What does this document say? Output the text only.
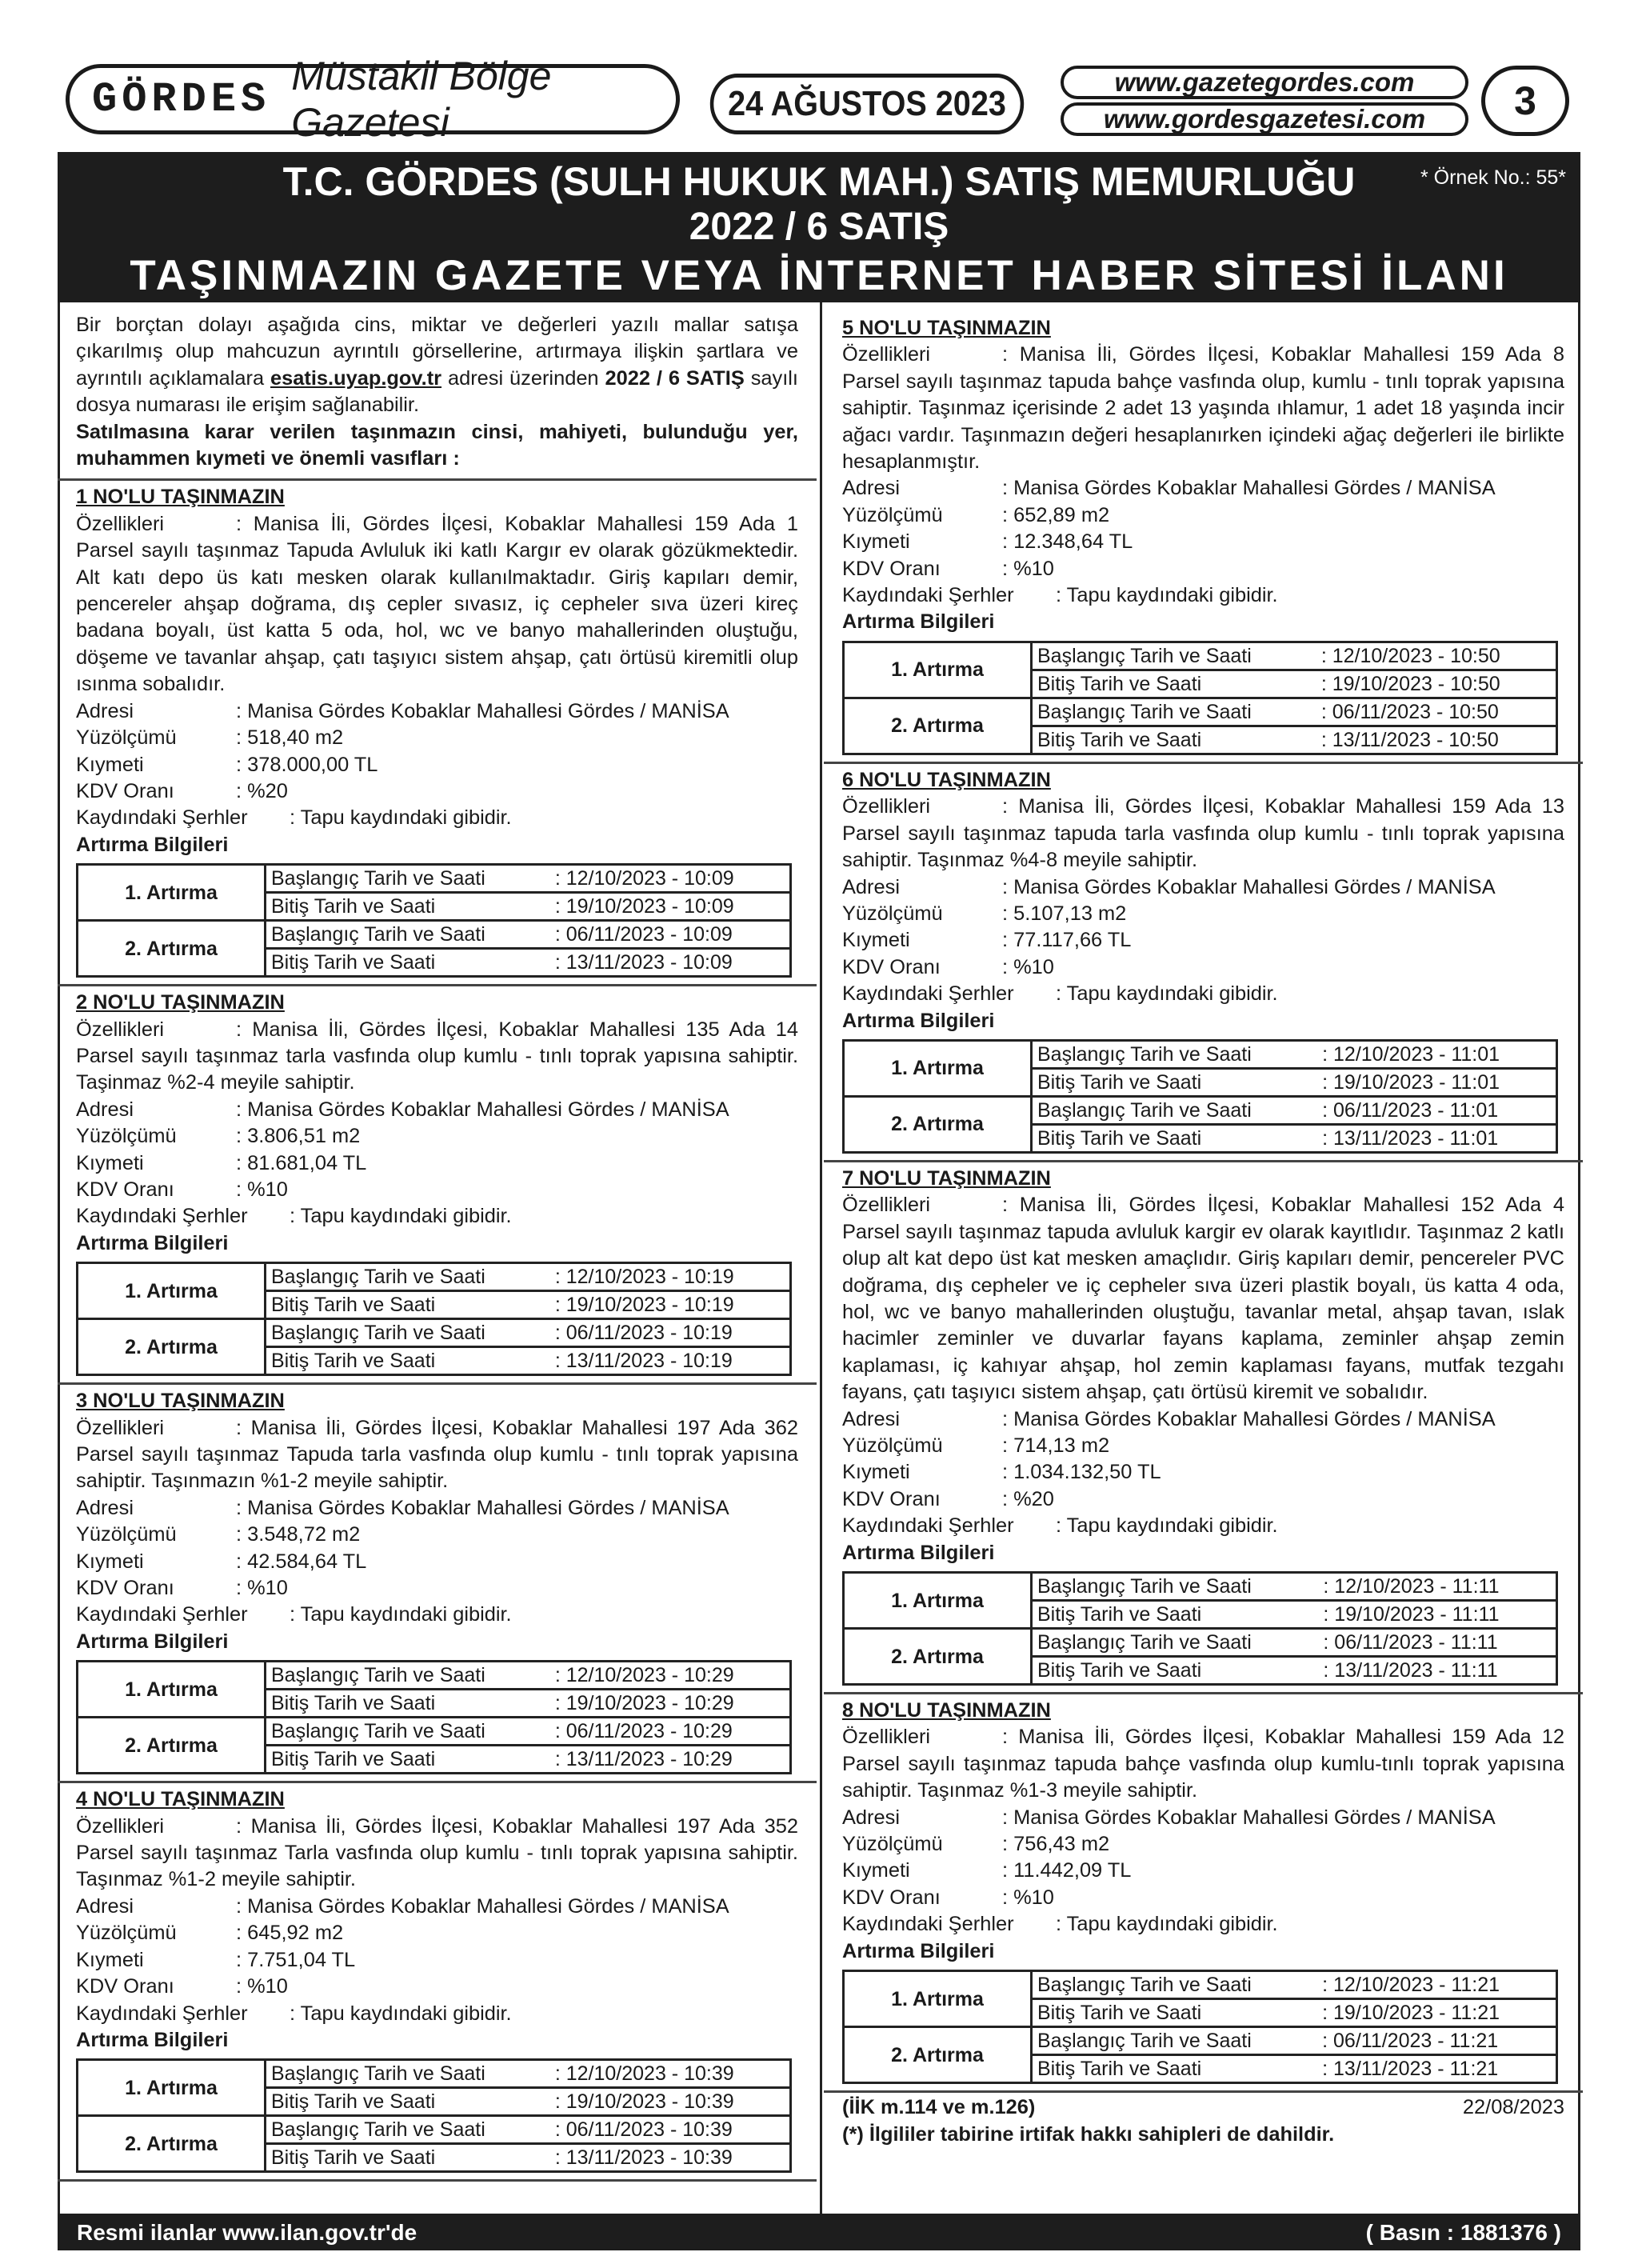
GÖRDES Müstakil Bölge Gazetesi	24 AĞUSTOS 2023
www.gazetegordes.com
www.gordesgazetesi.com	3
T.C. GÖRDES (SULH HUKUK MAH.) SATIŞ MEMURLUĞU
2022 / 6 SATIŞ
TAŞINMAZIN GAZETE VEYA İNTERNET HABER SİTESİ İLANI
* Örnek No.: 55*

Bir borçtan dolayı aşağıda cins, miktar ve değerleri yazılı mallar satışa çıkarılmış olup mahcuzun ayrıntılı görsellerine, artırmaya ilişkin şartlara ve ayrıntılı açıklamalara esatis.uyap.gov.tr adresi üzerinden 2022 / 6 SATIŞ sayılı dosya numarası ile erişim sağlanabilir.

Satılmasına karar verilen taşınmazın cinsi, mahiyeti, bulunduğu yer, muhammen kıymeti ve önemli vasıfları :

1 NO'LU TAŞINMAZIN

Özellikleri	: Manisa İli, Gördes İlçesi, Kobaklar Mahallesi 159 Ada 1 Parsel sayılı taşınmaz Tapuda Avluluk iki katlı Kargır ev olarak gözükmektedir. Alt katı depo üs katı mesken olarak kullanılmaktadır. Giriş kapıları demir, pencereler ahşap doğrama, dış cepler sıvasız, iç cepheler sıva üzeri kireç badana boyalı, üst katta 5 oda, hol, wc ve banyo mahallerinden oluştuğu, döşeme ve tavanlar ahşap, çatı taşıyıcı sistem ahşap, çatı örtüsü kiremitli olup ısınma sobalıdır.

Adresi	: Manisa Gördes Kobaklar Mahallesi Gördes / MANİSA
Yüzölçümü	: 518,40 m2
Kıymeti	: 378.000,00 TL
KDV Oranı	: %20
Kaydındaki Şerhler	: Tapu kaydındaki gibidir.
Artırma Bilgileri
1. Artırma	Başlangıç Tarih ve Saati	: 12/10/2023 - 10:09
	Bitiş Tarih ve Saati	: 19/10/2023 - 10:09
2. Artırma	Başlangıç Tarih ve Saati	: 06/11/2023 - 10:09
	Bitiş Tarih ve Saati	: 13/11/2023 - 10:09
2 NO'LU TAŞINMAZIN

Özellikleri	: Manisa İli, Gördes İlçesi, Kobaklar Mahallesi 135 Ada 14 Parsel sayılı taşınmaz tarla vasfında olup kumlu - tınlı toprak yapısına sahiptir. Taşinmaz %2-4 meyile sahiptir.

Adresi	: Manisa Gördes Kobaklar Mahallesi Gördes / MANİSA
Yüzölçümü	: 3.806,51 m2
Kıymeti	: 81.681,04 TL
KDV Oranı	: %10
Kaydındaki Şerhler	: Tapu kaydındaki gibidir.
Artırma Bilgileri
1. Artırma	Başlangıç Tarih ve Saati	: 12/10/2023 - 10:19
	Bitiş Tarih ve Saati	: 19/10/2023 - 10:19
2. Artırma	Başlangıç Tarih ve Saati	: 06/11/2023 - 10:19
	Bitiş Tarih ve Saati	: 13/11/2023 - 10:19
3 NO'LU TAŞINMAZIN

Özellikleri	: Manisa İli, Gördes İlçesi, Kobaklar Mahallesi 197 Ada 362 Parsel sayılı taşınmaz Tapuda tarla vasfında olup kumlu - tınlı toprak yapısına sahiptir. Taşınmazın %1-2 meyile sahiptir.

Adresi	: Manisa Gördes Kobaklar Mahallesi Gördes / MANİSA
Yüzölçümü	: 3.548,72 m2
Kıymeti	: 42.584,64 TL
KDV Oranı	: %10
Kaydındaki Şerhler	: Tapu kaydındaki gibidir.
Artırma Bilgileri
1. Artırma	Başlangıç Tarih ve Saati	: 12/10/2023 - 10:29
	Bitiş Tarih ve Saati	: 19/10/2023 - 10:29
2. Artırma	Başlangıç Tarih ve Saati	: 06/11/2023 - 10:29
	Bitiş Tarih ve Saati	: 13/11/2023 - 10:29
4 NO'LU TAŞINMAZIN

Özellikleri	: Manisa İli, Gördes İlçesi, Kobaklar Mahallesi 197 Ada 352 Parsel sayılı taşınmaz Tarla vasfında olup kumlu - tınlı toprak yapısına sahiptir. Taşınmaz %1-2 meyile sahiptir.

Adresi	: Manisa Gördes Kobaklar Mahallesi Gördes / MANİSA
Yüzölçümü	: 645,92 m2
Kıymeti	: 7.751,04 TL
KDV Oranı	: %10
Kaydındaki Şerhler	: Tapu kaydındaki gibidir.
Artırma Bilgileri
1. Artırma	Başlangıç Tarih ve Saati	: 12/10/2023 - 10:39
	Bitiş Tarih ve Saati	: 19/10/2023 - 10:39
2. Artırma	Başlangıç Tarih ve Saati	: 06/11/2023 - 10:39
	Bitiş Tarih ve Saati	: 13/11/2023 - 10:39
5 NO'LU TAŞINMAZIN

Özellikleri	: Manisa İli, Gördes İlçesi, Kobaklar Mahallesi 159 Ada 8 Parsel sayılı taşınmaz tapuda bahçe vasfında olup, kumlu - tınlı toprak yapısına sahiptir. Taşınmaz içerisinde 2 adet 13 yaşında ıhlamur, 1 adet 18 yaşında incir ağacı vardır. Taşınmazın değeri hesaplanırken içindeki ağaç değerleri ile birlikte hesaplanmıştır.

Adresi	: Manisa Gördes Kobaklar Mahallesi Gördes / MANİSA
Yüzölçümü	: 652,89 m2
Kıymeti	: 12.348,64 TL
KDV Oranı	: %10
Kaydındaki Şerhler	: Tapu kaydındaki gibidir.
Artırma Bilgileri
1. Artırma	Başlangıç Tarih ve Saati	: 12/10/2023 - 10:50
	Bitiş Tarih ve Saati	: 19/10/2023 - 10:50
2. Artırma	Başlangıç Tarih ve Saati	: 06/11/2023 - 10:50
	Bitiş Tarih ve Saati	: 13/11/2023 - 10:50
6 NO'LU TAŞINMAZIN

Özellikleri	: Manisa İli, Gördes İlçesi, Kobaklar Mahallesi 159 Ada 13 Parsel sayılı taşınmaz tapuda tarla vasfında olup kumlu - tınlı toprak yapısına sahiptir. Taşınmaz %4-8 meyile sahiptir.

Adresi	: Manisa Gördes Kobaklar Mahallesi Gördes / MANİSA
Yüzölçümü	: 5.107,13 m2
Kıymeti	: 77.117,66 TL
KDV Oranı	: %10
Kaydındaki Şerhler	: Tapu kaydındaki gibidir.
Artırma Bilgileri
1. Artırma	Başlangıç Tarih ve Saati	: 12/10/2023 - 11:01
	Bitiş Tarih ve Saati	: 19/10/2023 - 11:01
2. Artırma	Başlangıç Tarih ve Saati	: 06/11/2023 - 11:01
	Bitiş Tarih ve Saati	: 13/11/2023 - 11:01
7 NO'LU TAŞINMAZIN

Özellikleri	: Manisa İli, Gördes İlçesi, Kobaklar Mahallesi 152 Ada 4 Parsel sayılı taşınmaz tapuda avluluk kargir ev olarak kayıtlıdır. Taşınmaz 2 katlı olup alt kat depo üst kat mesken amaçlıdır. Giriş kapıları demir, pencereler PVC doğrama, dış cepheler ve iç cepheler sıva üzeri plastik boyalı, üs katta 4 oda, hol, wc ve banyo mahallerinden oluştuğu, tavanlar metal, ahşap tavan, ıslak hacimler zeminler ve duvarlar fayans kaplama, zeminler ahşap zemin kaplaması, iç kahıyar ahşap, hol zemin kaplaması fayans, mutfak tezgahı fayans, çatı taşıyıcı sistem ahşap, çatı örtüsü kiremit ve sobalıdır.

Adresi	: Manisa Gördes Kobaklar Mahallesi Gördes / MANİSA
Yüzölçümü	: 714,13 m2
Kıymeti	: 1.034.132,50 TL
KDV Oranı	: %20
Kaydındaki Şerhler	: Tapu kaydındaki gibidir.
Artırma Bilgileri
1. Artırma	Başlangıç Tarih ve Saati	: 12/10/2023 - 11:11
	Bitiş Tarih ve Saati	: 19/10/2023 - 11:11
2. Artırma	Başlangıç Tarih ve Saati	: 06/11/2023 - 11:11
	Bitiş Tarih ve Saati	: 13/11/2023 - 11:11
8 NO'LU TAŞINMAZIN

Özellikleri	: Manisa İli, Gördes İlçesi, Kobaklar Mahallesi 159 Ada 12 Parsel sayılı taşınmaz tapuda bahçe vasfında olup kumlu-tınlı toprak yapısına sahiptir. Taşınmaz %1-3 meyile sahiptir.

Adresi	: Manisa Gördes Kobaklar Mahallesi Gördes / MANİSA
Yüzölçümü	: 756,43 m2
Kıymeti	: 11.442,09 TL
KDV Oranı	: %10
Kaydındaki Şerhler	: Tapu kaydındaki gibidir.
Artırma Bilgileri
1. Artırma	Başlangıç Tarih ve Saati	: 12/10/2023 - 11:21
	Bitiş Tarih ve Saati	: 19/10/2023 - 11:21
2. Artırma	Başlangıç Tarih ve Saati	: 06/11/2023 - 11:21
	Bitiş Tarih ve Saati	: 13/11/2023 - 11:21
(İİK m.114 ve m.126)	22/08/2023
(*) İlgililer tabirine irtifak hakkı sahipleri de dahildir.
Resmi ilanlar www.ilan.gov.tr'de	( Basın : 1881376 )
